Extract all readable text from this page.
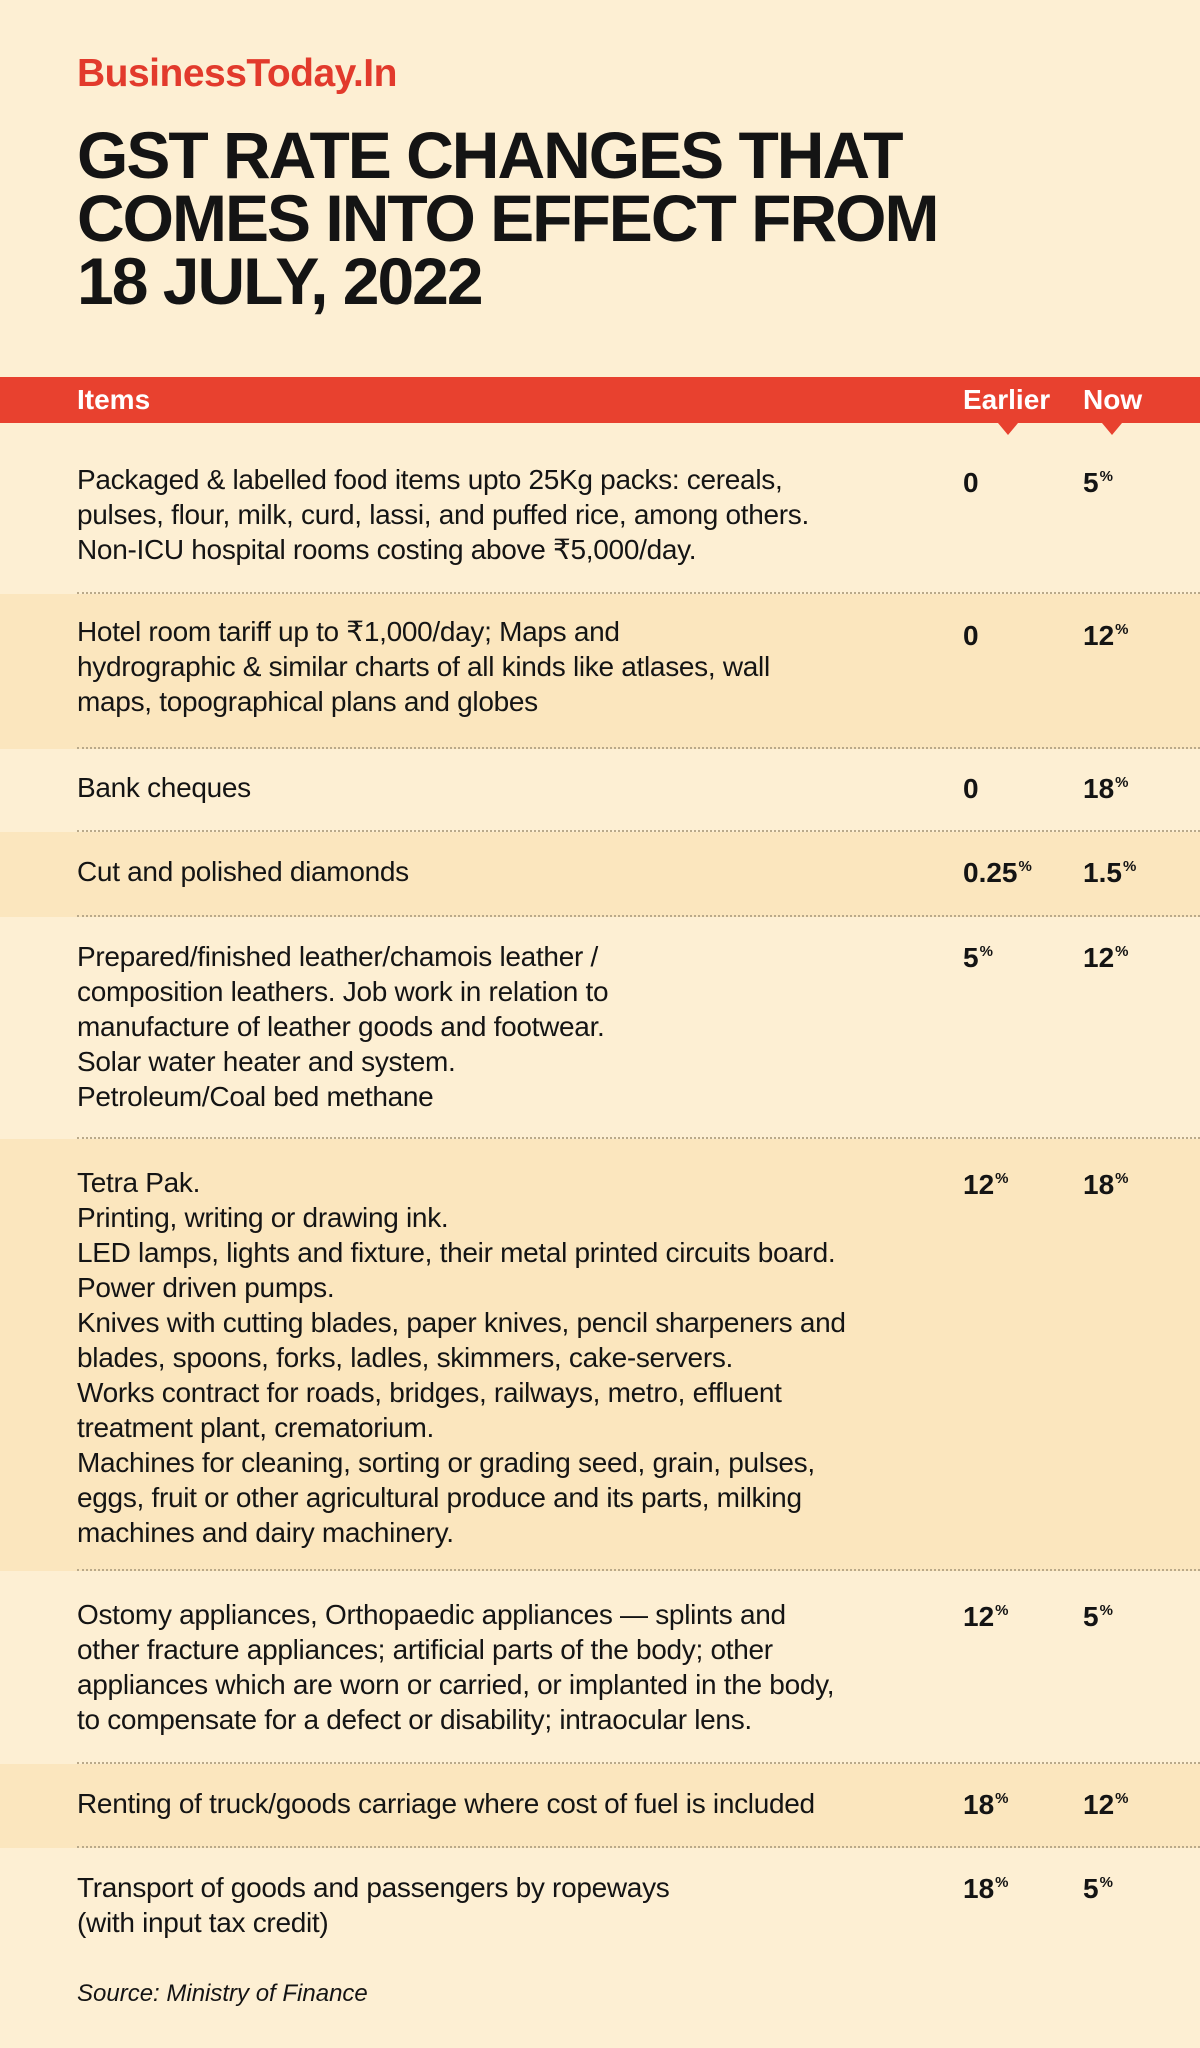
BusinessToday.In
GST RATE CHANGES THAT
COMES INTO EFFECT FROM
18 JULY, 2022
Items	Earlier Now
Packaged & labelled food items upto 25Kg packs: cereals,
pulses, flour, milk, curd, lassi, and puffed rice, among others.
Non-ICU hospital rooms costing above ₹5,000/day.
0	5%
Hotel room tariff up to ₹1,000/day; Maps and
hydrographic & similar charts of all kinds like atlases, wall
maps, topographical plans and globes
0	12%
Bank cheques	0	18%
Cut and polished diamonds	0.25% 1.5%
Prepared/finished leather/chamois leather /
composition leathers. Job work in relation to
manufacture of leather goods and footwear.
Solar water heater and system.
Petroleum/Coal bed methane
5%	12%
Tetra Pak.
Printing, writing or drawing ink.
LED lamps, lights and fixture, their metal printed circuits board.
Power driven pumps.
Knives with cutting blades, paper knives, pencil sharpeners and
blades, spoons, forks, ladles, skimmers, cake-servers.
Works contract for roads, bridges, railways, metro, effluent
treatment plant, crematorium.
Machines for cleaning, sorting or grading seed, grain, pulses,
eggs, fruit or other agricultural produce and its parts, milking
machines and dairy machinery.
12%	18%
Ostomy appliances, Orthopaedic appliances — splints and
other fracture appliances; artificial parts of the body; other
appliances which are worn or carried, or implanted in the body,
to compensate for a defect or disability; intraocular lens.
12%	5%
Renting of truck/goods carriage where cost of fuel is included	18%	12%
Transport of goods and passengers by ropeways
(with input tax credit)
18%	5%
Source: Ministry of Finance
